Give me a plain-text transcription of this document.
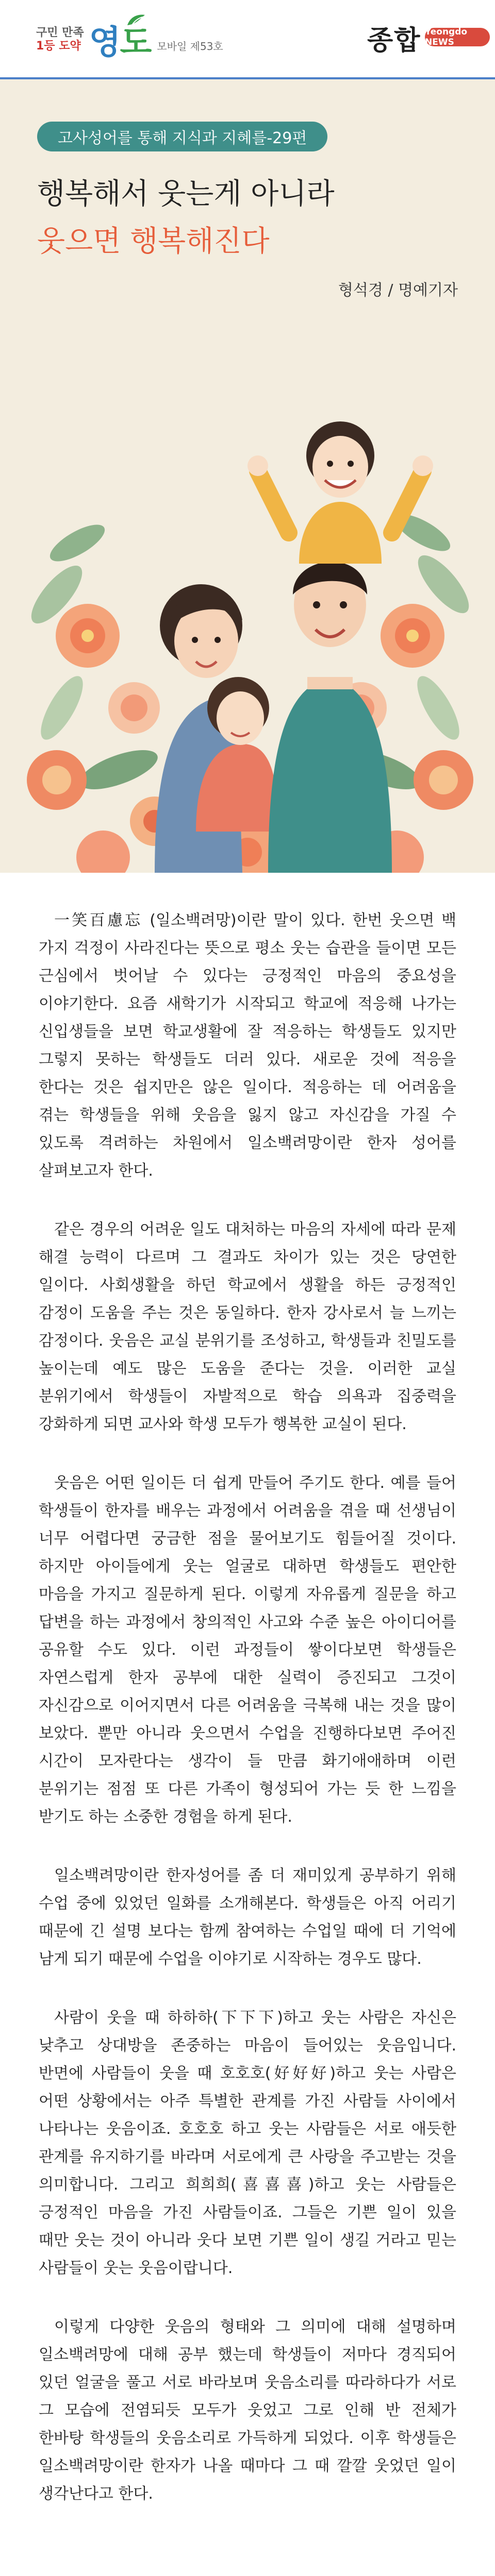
구민 만족
1등 도약 영도 모바일 제53호	종합 Yeongdo NEWS
고사성어를 통해 지식과 지혜를-29편
행복해서 웃는게 아니라
웃으면 행복해진다
형석경 / 명예기자

一笑百慮忘 (일소백려망)이란 말이 있다. 한번 웃으면 백 가지 걱정이 사라진다는 뜻으로 평소 웃는 습관을 들이면 모든 근심에서 벗어날 수 있다는 긍정적인 마음의 중요성을 이야기한다. 요즘 새학기가 시작되고 학교에 적응해 나가는 신입생들을 보면 학교생활에 잘 적응하는 학생들도 있지만 그렇지 못하는 학생들도 더러 있다. 새로운 것에 적응을 한다는 것은 쉽지만은 않은 일이다. 적응하는 데 어려움을 겪는 학생들을 위해 웃음을 잃지 않고 자신감을 가질 수 있도록 격려하는 차원에서 일소백려망이란 한자 성어를 살펴보고자 한다.

같은 경우의 어려운 일도 대처하는 마음의 자세에 따라 문제 해결 능력이 다르며 그 결과도 차이가 있는 것은 당연한 일이다. 사회생활을 하던 학교에서 생활을 하든 긍정적인 감정이 도움을 주는 것은 동일하다. 한자 강사로서 늘 느끼는 감정이다. 웃음은 교실 분위기를 조성하고, 학생들과 친밀도를 높이는데 예도 많은 도움을 준다는 것을. 이러한 교실 분위기에서 학생들이 자발적으로 학습 의욕과 집중력을 강화하게 되면 교사와 학생 모두가 행복한 교실이 된다.

웃음은 어떤 일이든 더 쉽게 만들어 주기도 한다. 예를 들어 학생들이 한자를 배우는 과정에서 어려움을 겪을 때 선생님이 너무 어렵다면 궁금한 점을 물어보기도 힘들어질 것이다. 하지만 아이들에게 웃는 얼굴로 대하면 학생들도 편안한 마음을 가지고 질문하게 된다. 이렇게 자유롭게 질문을 하고 답변을 하는 과정에서 창의적인 사고와 수준 높은 아이디어를 공유할 수도 있다. 이런 과정들이 쌓이다보면 학생들은 자연스럽게 한자 공부에 대한 실력이 증진되고 그것이 자신감으로 이어지면서 다른 어려움을 극복해 내는 것을 많이 보았다. 뿐만 아니라 웃으면서 수업을 진행하다보면 주어진 시간이 모자란다는 생각이 들 만큼 화기애애하며 이런 분위기는 점점 또 다른 가족이 형성되어 가는 듯 한 느낌을 받기도 하는 소중한 경험을 하게 된다.

일소백려망이란 한자성어를 좀 더 재미있게 공부하기 위해 수업 중에 있었던 일화를 소개해본다. 학생들은 아직 어리기 때문에 긴 설명 보다는 함께 참여하는 수업일 때에 더 기억에 남게 되기 때문에 수업을 이야기로 시작하는 경우도 많다.

사람이 웃을 때 하하하(下下下)하고 웃는 사람은 자신은 낮추고 상대방을 존중하는 마음이 들어있는 웃음입니다. 반면에 사람들이 웃을 때 호호호(好好好)하고 웃는 사람은 어떤 상황에서는 아주 특별한 관계를 가진 사람들 사이에서 나타나는 웃음이죠. 호호호 하고 웃는 사람들은 서로 애듯한 관계를 유지하기를 바라며 서로에게 큰 사랑을 주고받는 것을 의미합니다. 그리고 희희희(喜喜喜)하고 웃는 사람들은 긍정적인 마음을 가진 사람들이죠. 그들은 기쁜 일이 있을 때만 웃는 것이 아니라 웃다 보면 기쁜 일이 생길 거라고 믿는 사람들이 웃는 웃음이랍니다.

이렇게 다양한 웃음의 형태와 그 의미에 대해 설명하며 일소백려망에 대해 공부 했는데 학생들이 저마다 경직되어 있던 얼굴을 풀고 서로 바라보며 웃음소리를 따라하다가 서로 그 모습에 전염되듯 모두가 웃었고 그로 인해 반 전체가 한바탕 학생들의 웃음소리로 가득하게 되었다. 이후 학생들은 일소백려망이란 한자가 나올 때마다 그 때 깔깔 웃었던 일이 생각난다고 한다.
